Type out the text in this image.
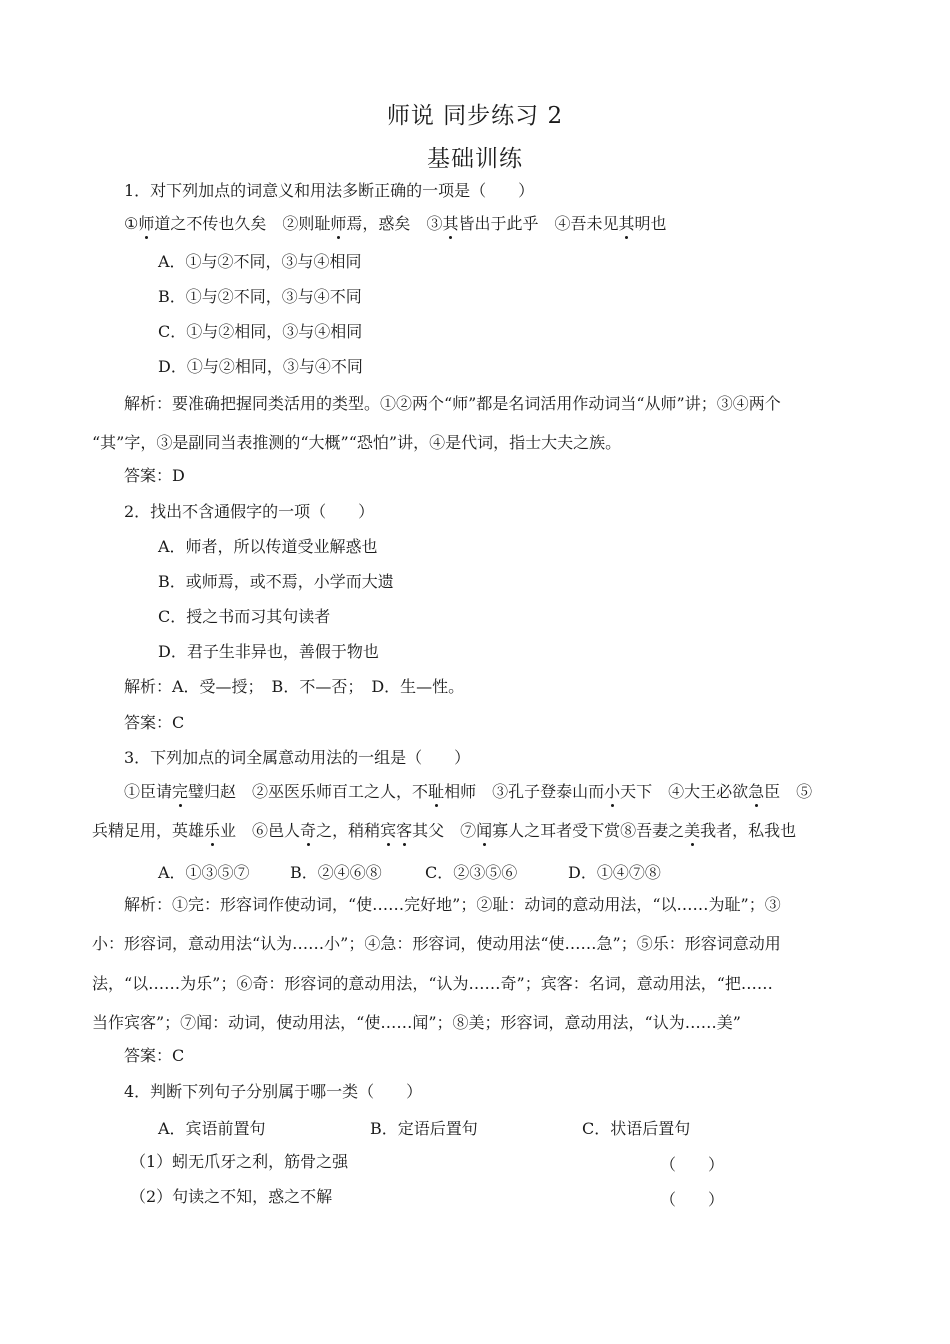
师说 同步练习 2
基础训练
1．对下列加点的词意义和用法多断正确的一项是（　　）
①师道之不传也久矣　 ②则耻师焉，惑矣　 ③其皆出于此乎　 ④吾未见其明也
A．①与②不同，③与④相同
B．①与②不同，③与④不同
C．①与②相同，③与④相同
D．①与②相同，③与④不同
解析：要准确把握同类活用的类型。①②两个“师”都是名词活用作动词当“从师”讲；③④两个
“其”字，③是副同当表推测的“大概”“恐怕”讲，④是代词，指士大夫之族。
答案：D
2．找出不含通假字的一项（　　）
A．师者，所以传道受业解惑也
B．或师焉，或不焉，小学而大遗
C．授之书而习其句读者
D．君子生非异也，善假于物也
解析：A．受—授；　B．不—否；　D．生—性。
答案：C
3．下列加点的词全属意动用法的一组是（　　）
①臣请完璧归赵　②巫医乐师百工之人，不耻相师　③孔子登泰山而小天下　④大王必欲急臣　⑤
兵精足用，英雄乐业　⑥邑人奇之，稍稍宾客其父　⑦闻寡人之耳者受下赏⑧吾妻之美我者，私我也
A．①③⑤⑦	B．②④⑥⑧	C．②③⑤⑥	D．①④⑦⑧
解析：①完：形容词作使动词，“使……完好地”；②耻：动词的意动用法，“以……为耻”；③
小：形容词，意动用法“认为……小”；④急：形容词，使动用法“使……急”；⑤乐：形容词意动用
法，“以……为乐”；⑥奇：形容词的意动用法，“认为……奇”；宾客：名词，意动用法，“把……
当作宾客”；⑦闻：动词，使动用法，“使……闻”；⑧美；形容词，意动用法，“认为……美”
答案：C
4．判断下列句子分别属于哪一类（　　）
A．宾语前置句	B．定语后置句	C．状语后置句
（1）蚓无爪牙之利，筋骨之强	（　　）
（2）句读之不知，惑之不解	（　　）
